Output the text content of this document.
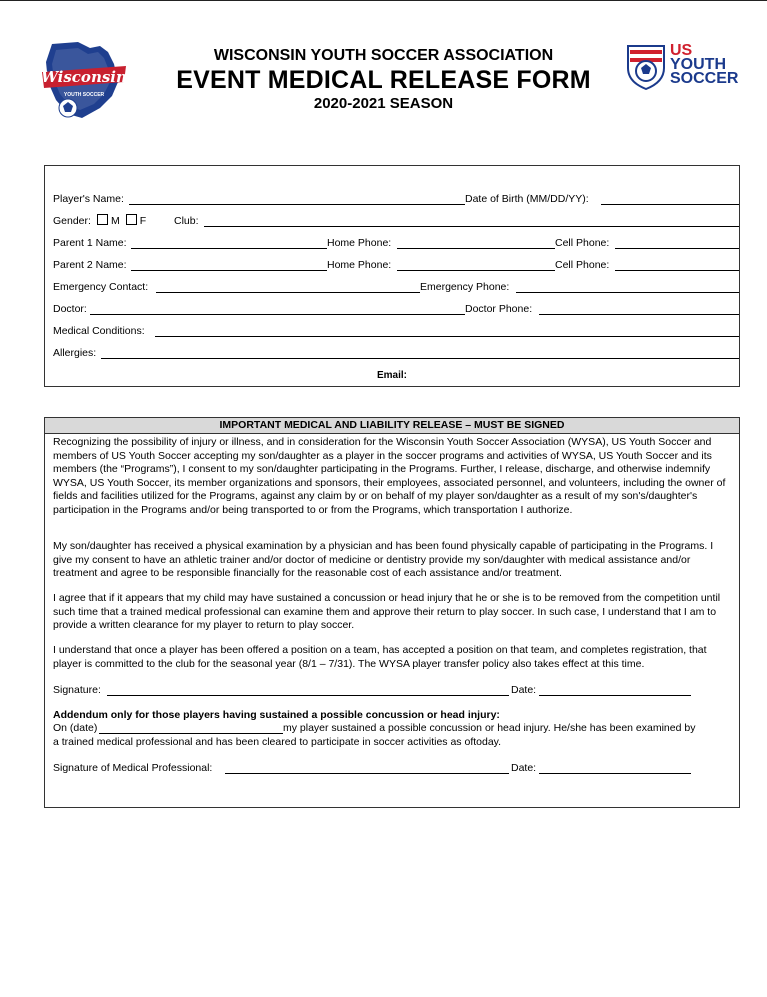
Wisconsin
YOUTH SOCCER
US
YOUTH
SOCCER
WISCONSIN YOUTH SOCCER ASSOCIATION
EVENT MEDICAL RELEASE FORM
2020-2021 SEASON
Player's Name:	Date of Birth (MM/DD/YY):
Gender: M F	Club:
Parent 1 Name:	Home Phone:	Cell Phone:
Parent 2 Name:	Home Phone:	Cell Phone:
Emergency Contact:	Emergency Phone:
Doctor:	Doctor Phone:
Medical Conditions:
Allergies:
Email:
IMPORTANT MEDICAL AND LIABILITY RELEASE – MUST BE SIGNED

Recognizing the possibility of injury or illness, and in consideration for the Wisconsin Youth Soccer Association (WYSA), US Youth Soccer and members of US Youth Soccer accepting my son/daughter as a player in the soccer programs and activities of WYSA, US Youth Soccer and its members (the “Programs”), I consent to my son/daughter participating in the Programs. Further, I release, discharge, and otherwise indemnify WYSA, US Youth Soccer, its member organizations and sponsors, their employees, associated personnel, and volunteers, including the owner of fields and facilities utilized for the Programs, against any claim by or on behalf of my player son/daughter as a result of my son's/daughter's participation in the Programs and/or being transported to or from the Programs, which transportation I authorize.

My son/daughter has received a physical examination by a physician and has been found physically capable of participating in the Programs. I give my consent to have an athletic trainer and/or doctor of medicine or dentistry provide my son/daughter with medical assistance and/or treatment and agree to be responsible financially for the reasonable cost of each assistance and/or treatment.

I agree that if it appears that my child may have sustained a concussion or head injury that he or she is to be removed from the competition until such time that a trained medical professional can examine them and approve their return to play soccer. In such case, I understand that I am to provide a written clearance for my player to return to play soccer.

I understand that once a player has been offered a position on a team, has accepted a position on that team, and completes registration, that player is committed to the club for the seasonal year (8/1 – 7/31). The WYSA player transfer policy also takes effect at this time.

Signature:	Date:
Addendum only for those players having sustained a possible concussion or head injury:
On (date)	my player sustained a possible concussion or head injury. He/she has been examined by
a trained medical professional and has been cleared to participate in soccer activities as oftoday.
Signature of Medical Professional:	Date:
